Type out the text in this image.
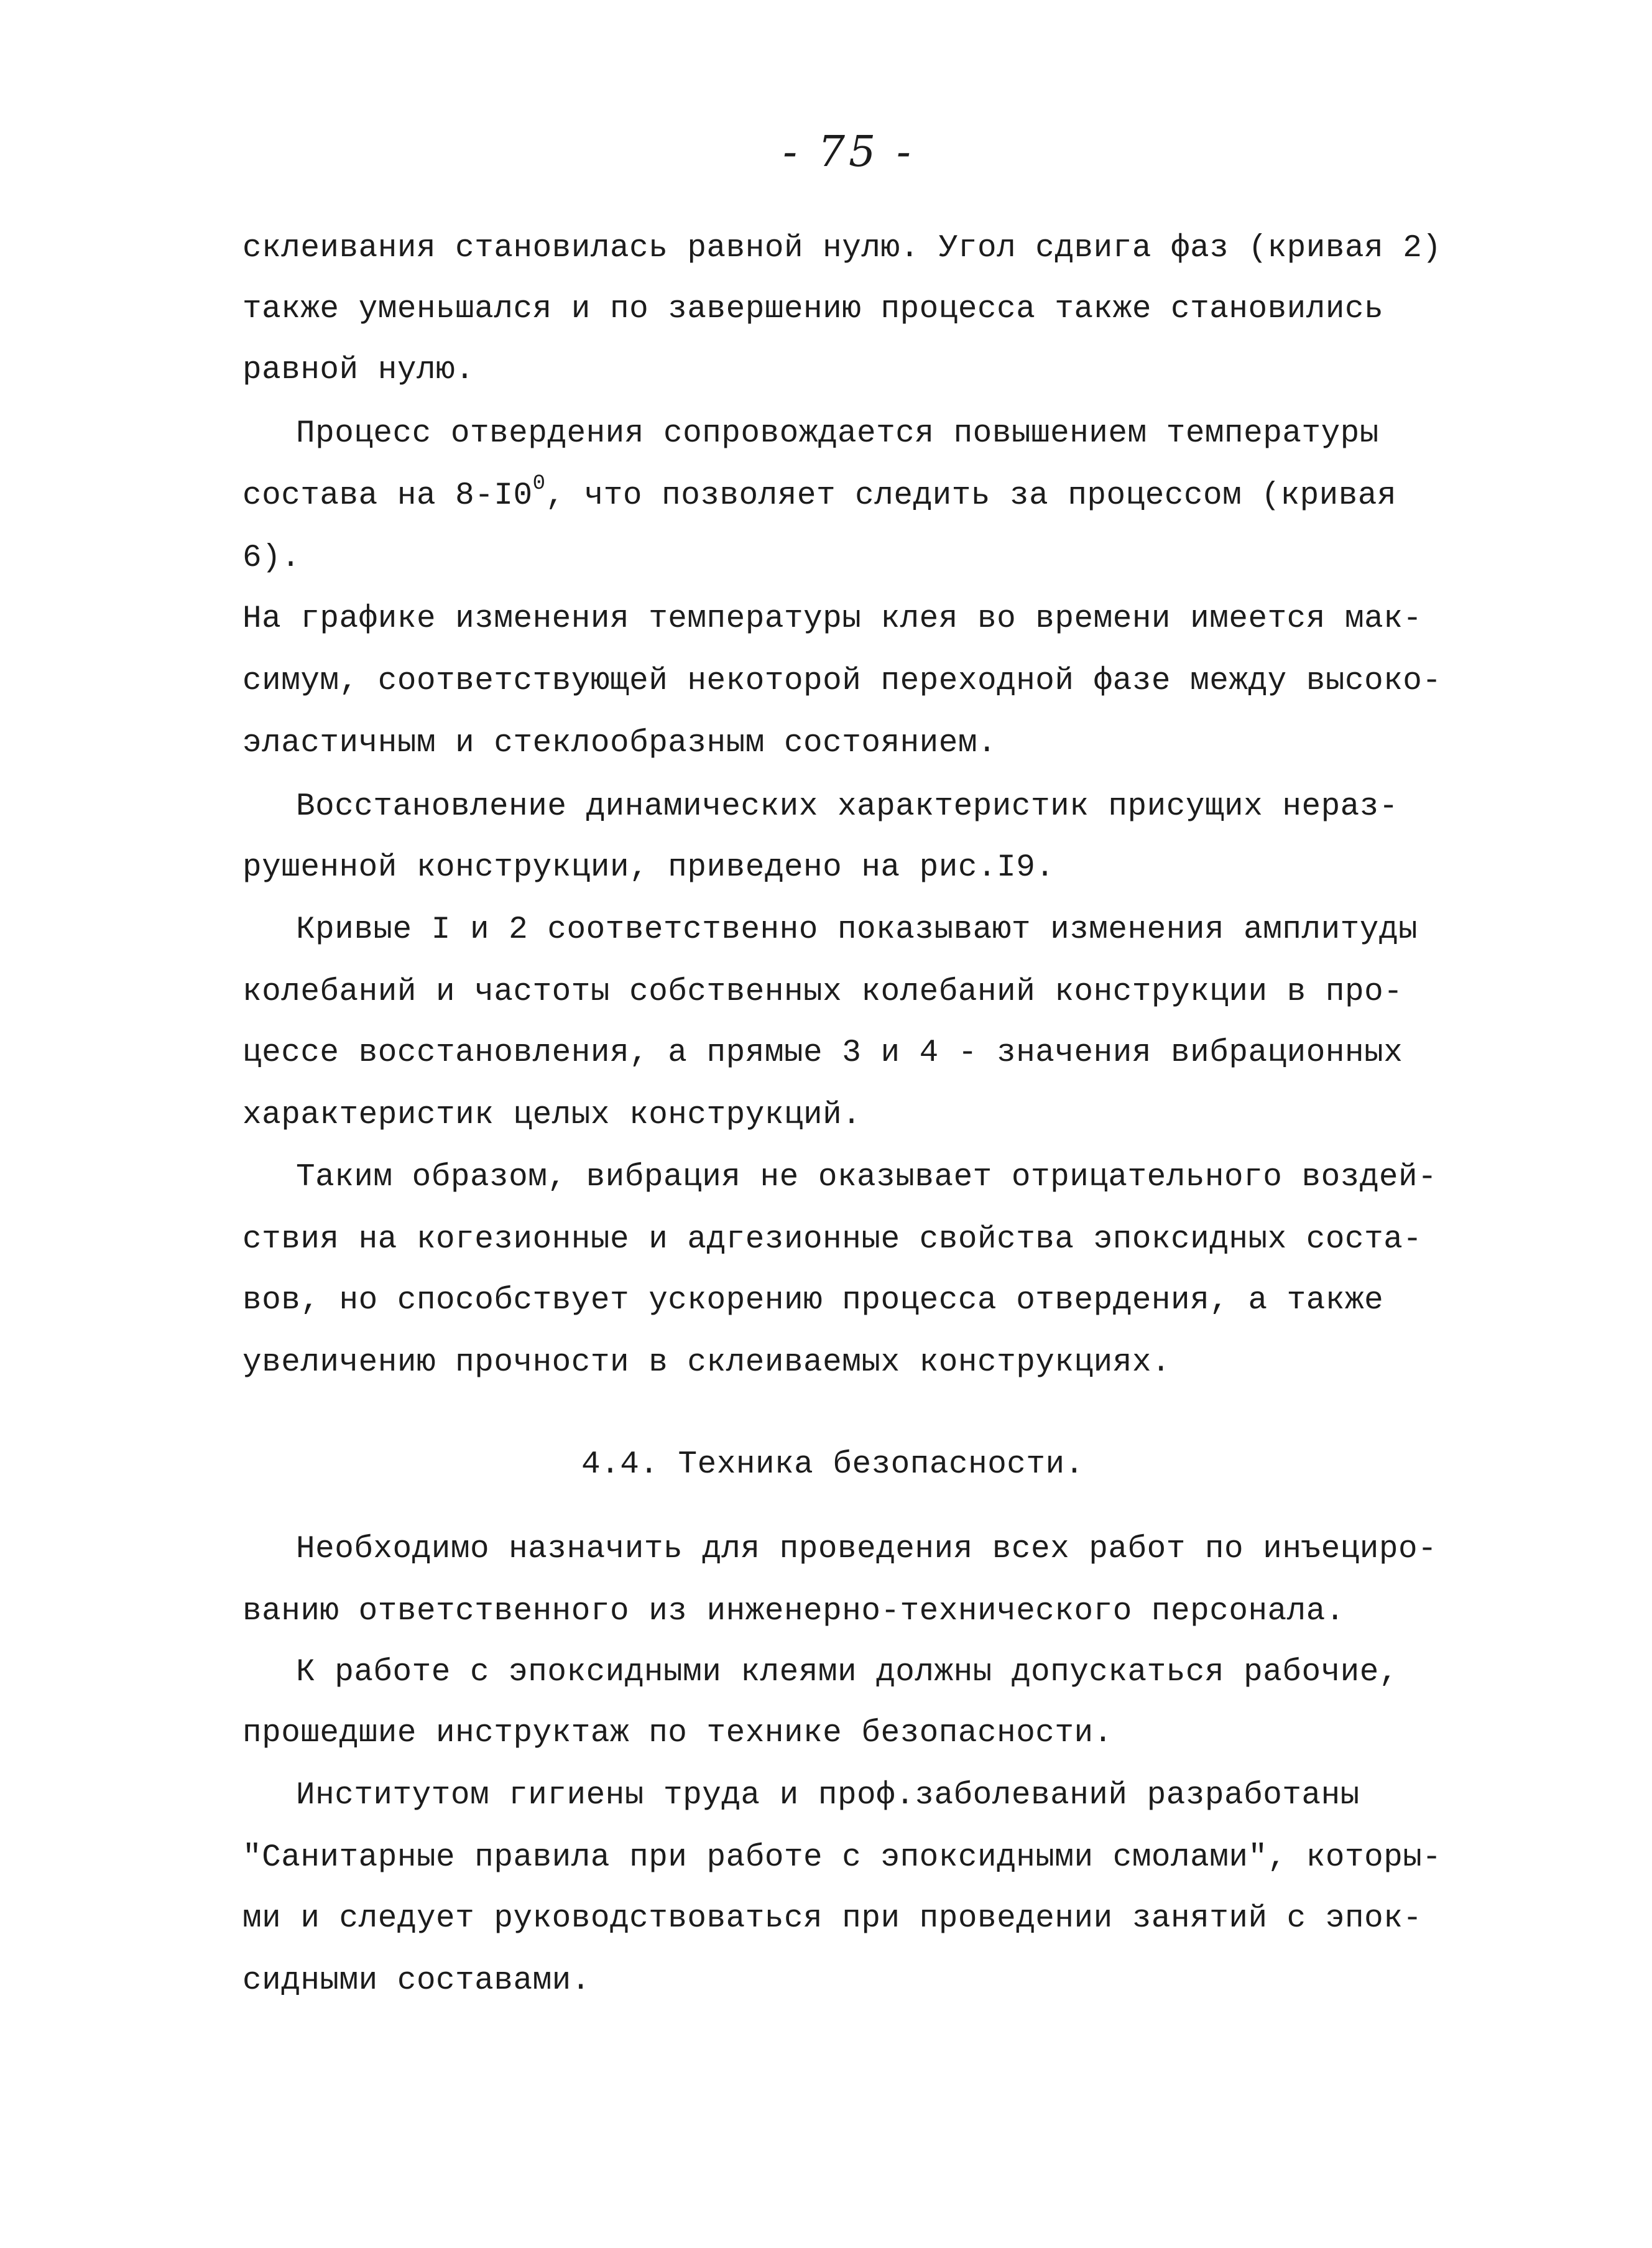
- 75 -
склеивания становилась равной нулю. Угол сдвига фаз (кривая 2)
также уменьшался и по завершению процесса также становились
равной нулю.
Процесс отвердения сопровождается повышением температуры
состава на $8-I0^0$, что позволяет следить за процессом (кривая
6).
На графике изменения температуры клея во времени имеется мак-
симум, соответствующей некоторой переходной фазе между высоко-
эластичным и стеклообразным состоянием.
Восстановление динамических характеристик присущих нераз-
рушенной конструкции, приведено на рис.I9.
Кривые I и 2 соответственно показывают изменения амплитуды
колебаний и частоты собственных колебаний конструкции в про-
цессе восстановления, а прямые 3 и 4 - значения вибрационных
характеристик целых конструкций.
Таким образом, вибрация не оказывает отрицательного воздей-
ствия на когезионные и адгезионные свойства эпоксидных соста-
вов, но способствует ускорению процесса отвердения, а также
увеличению прочности в склеиваемых конструкциях.
4.4. Техника безопасности.
Необходимо назначить для проведения всех работ по инъециро-
ванию ответственного из инженерно-технического персонала.
К работе с эпоксидными клеями должны допускаться рабочие,
прошедшие инструктаж по технике безопасности.
Институтом гигиены труда и проф.заболеваний разработаны
"Санитарные правила при работе с эпоксидными смолами", которы-
ми и следует руководствоваться при проведении занятий с эпок-
сидными составами.
